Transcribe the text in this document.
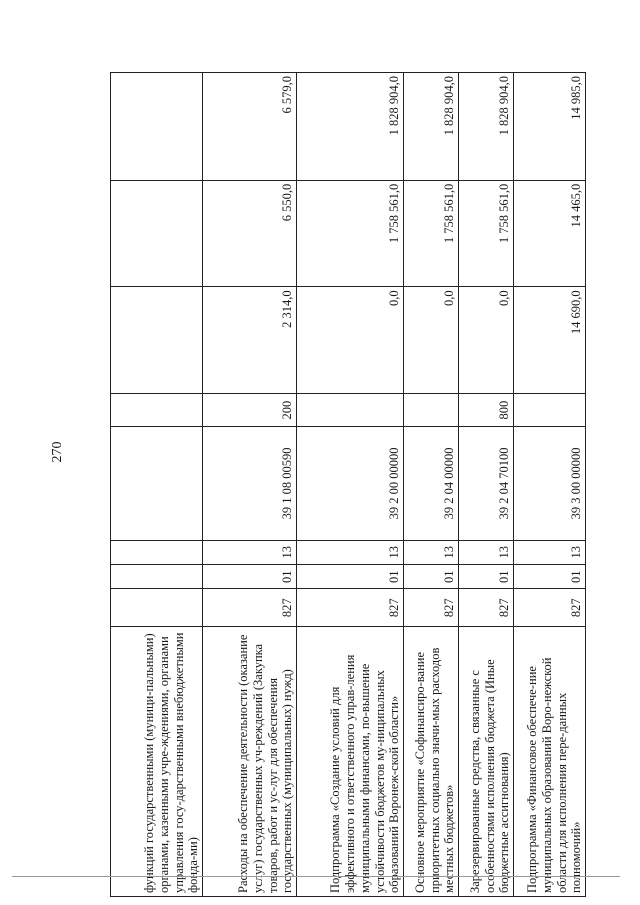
270
функций государственными (муници-пальными) органами, казенными учре-ждениями, органами управления госу-дарственными внебюджетными фонда-ми)								
Расходы на обеспечение деятельности (оказание услуг) государственных уч-реждений (Закупка товаров, работ и ус-луг для обеспечения государственных (муниципальных) нужд)	827	01	13	39 1 08 00590	200	2 314,0	6 550,0	6 579,0
Подпрограмма «Создание условий для эффективного и ответственного управ-ления муниципальными финансами, по-вышение устойчивости бюджетов му-ниципальных образований Воронеж-ской области»	827	01	13	39 2 00 00000		0,0	1 758 561,0	1 828 904,0
Основное мероприятие «Софинансиро-вание приоритетных социально значи-мых расходов местных бюджетов»	827	01	13	39 2 04 00000		0,0	1 758 561,0	1 828 904,0
Зарезервированные средства, связанные с особенностями исполнения бюджета (Иные бюджетные ассигнования)	827	01	13	39 2 04 70100	800	0,0	1 758 561,0	1 828 904,0
Подпрограмма «Финансовое обеспече-ние муниципальных образований Воро-нежской области для исполнения пере-данных полномочий»	827	01	13	39 3 00 00000		14 690,0	14 465,0	14 985,0
